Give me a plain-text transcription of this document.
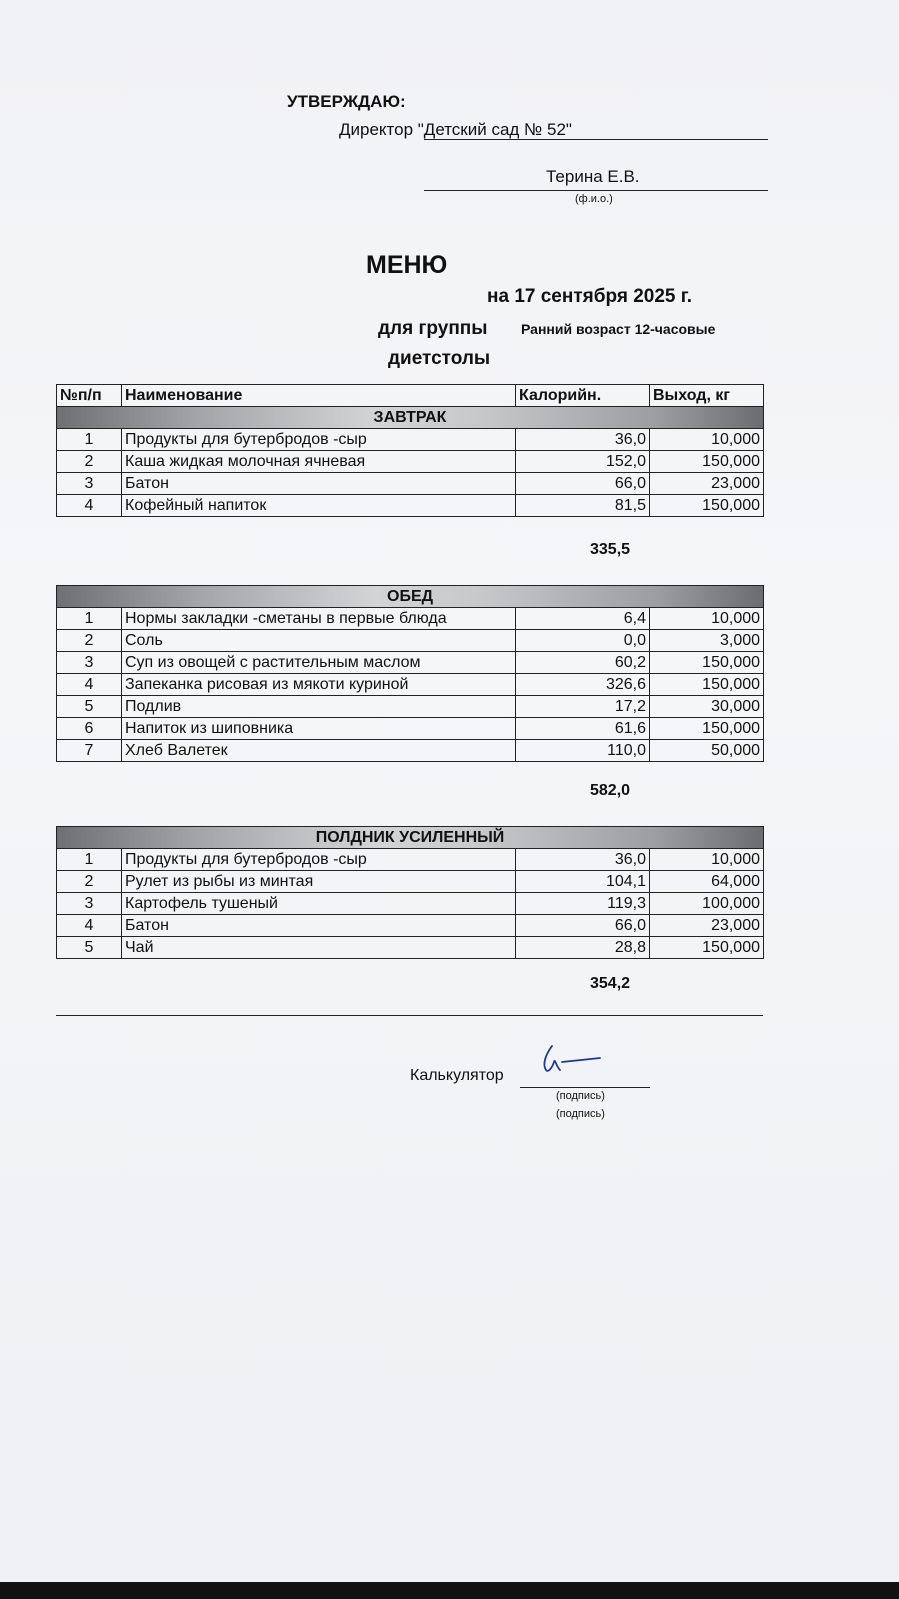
УТВЕРЖДАЮ:
Директор "Детский сад № 52"
Терина Е.В.
(ф.и.о.)
МЕНЮ
на 17 сентября 2025 г.
для группы Ранний возраст 12-часовые
диетстолы
№п/п	Наименование	Калорийн.	Выход, кг
ЗАВТРАК			
1	Продукты для бутербродов -сыр	36,0	10,000
2	Каша жидкая молочная ячневая	152,0	150,000
3	Батон	66,0	23,000
4	Кофейный напиток	81,5	150,000
335,5
ОБЕД			
1	Нормы закладки -сметаны в первые блюда	6,4	10,000
2	Соль	0,0	3,000
3	Суп из овощей с растительным маслом	60,2	150,000
4	Запеканка рисовая из мякоти куриной	326,6	150,000
5	Подлив	17,2	30,000
6	Напиток из шиповника	61,6	150,000
7	Хлеб Валетек	110,0	50,000
582,0
ПОЛДНИК УСИЛЕННЫЙ			
1	Продукты для бутербродов -сыр	36,0	10,000
2	Рулет из рыбы из минтая	104,1	64,000
3	Картофель тушеный	119,3	100,000
4	Батон	66,0	23,000
5	Чай	28,8	150,000
354,2
Калькулятор
(подпись)
(подпись)
